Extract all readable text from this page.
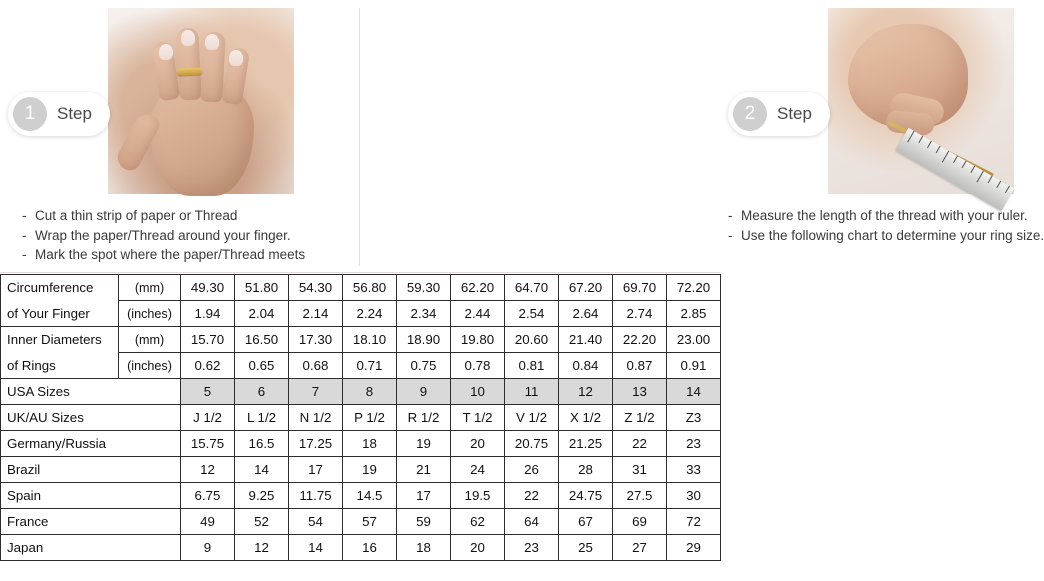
1	Step
- Cut a thin strip of paper or Thread
- Wrap the paper/Thread around your finger.
- Mark the spot where the paper/Thread meets
2	Step
- Measure the length of the thread with your ruler.
- Use the following chart to determine your ring size.
Circumference	(mm)	49.30	51.80	54.30	56.80	59.30	62.20	64.70	67.20	69.70	72.20
of Your Finger	(inches)	1.94	2.04	2.14	2.24	2.34	2.44	2.54	2.64	2.74	2.85
Inner Diameters	(mm)	15.70	16.50	17.30	18.10	18.90	19.80	20.60	21.40	22.20	23.00
of Rings	(inches)	0.62	0.65	0.68	0.71	0.75	0.78	0.81	0.84	0.87	0.91
USA Sizes		5	6	7	8	9	10	11	12	13	14
UK/AU Sizes		J 1/2	L 1/2	N 1/2	P 1/2	R 1/2	T 1/2	V 1/2	X 1/2	Z 1/2	Z3
Germany/Russia		15.75	16.5	17.25	18	19	20	20.75	21.25	22	23
Brazil		12	14	17	19	21	24	26	28	31	33
Spain		6.75	9.25	11.75	14.5	17	19.5	22	24.75	27.5	30
France		49	52	54	57	59	62	64	67	69	72
Japan		9	12	14	16	18	20	23	25	27	29
